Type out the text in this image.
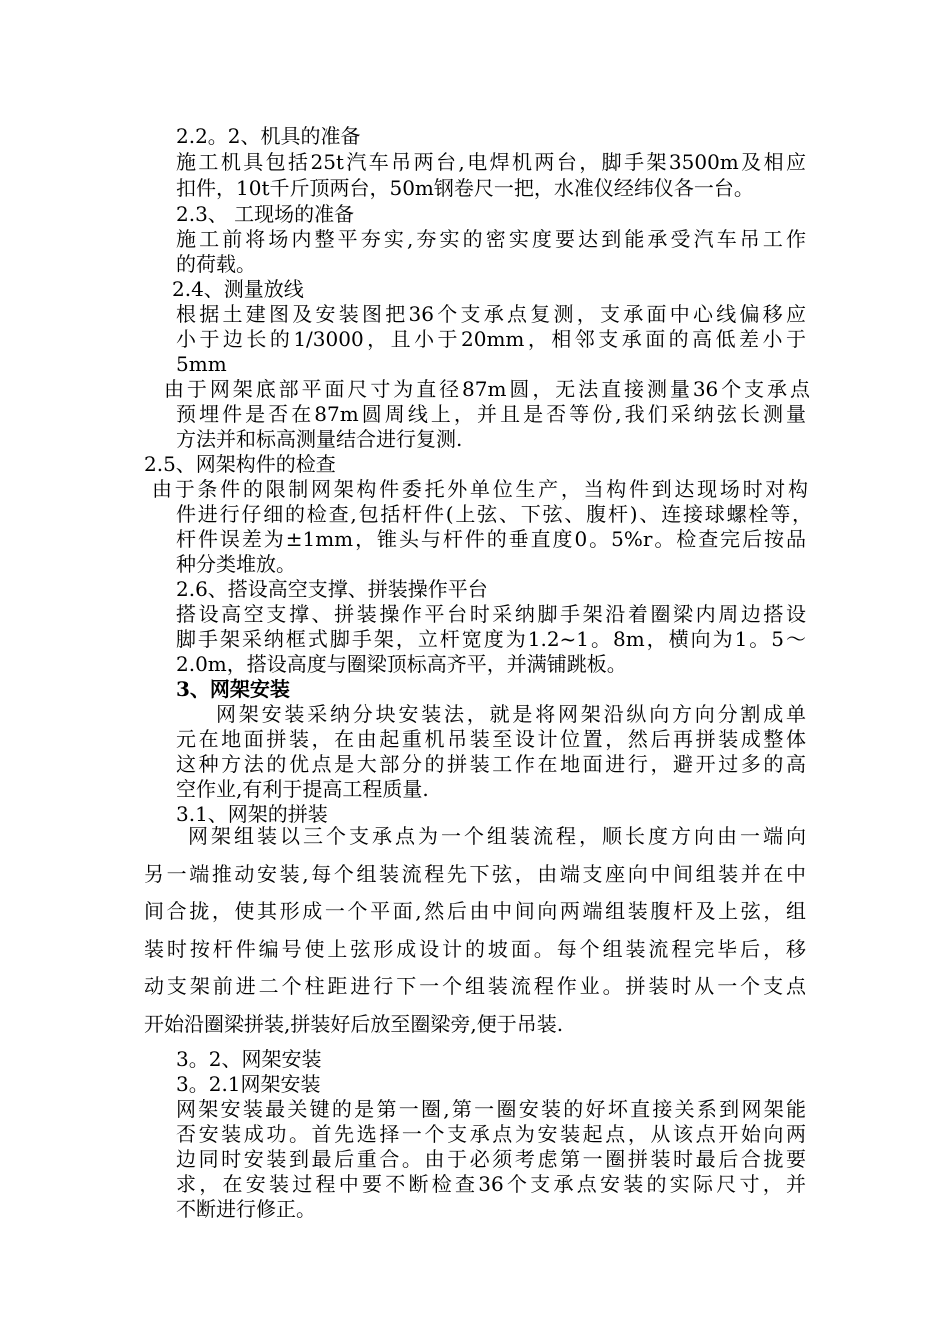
2.2。2、机具的准备

施工机具包括25t汽车吊两台,电焊机两台，脚手架3500m及相应

扣件，10t千斤顶两台，50m钢卷尺一把，水准仪经纬仪各一台。

2.3、 工现场的准备

施工前将场内整平夯实,夯实的密实度要达到能承受汽车吊工作

的荷载。

2.4、测量放线

根据土建图及安装图把36个支承点复测，支承面中心线偏移应

小于边长的1/3000，且小于20mm，相邻支承面的高低差小于

5mm

由于网架底部平面尺寸为直径87m圆，无法直接测量36个支承点

预埋件是否在87m圆周线上，并且是否等份,我们采纳弦长测量

方法并和标高测量结合进行复测.

2.5、网架构件的检查

由于条件的限制网架构件委托外单位生产，当构件到达现场时对构

件进行仔细的检查,包括杆件(上弦、下弦、腹杆)、连接球螺栓等，

杆件误差为±1mm，锥头与杆件的垂直度0。5%r。检查完后按品

种分类堆放。

2.6、搭设高空支撑、拼装操作平台

搭设高空支撑、拼装操作平台时采纳脚手架沿着圈梁内周边搭设

脚手架采纳框式脚手架，立杆宽度为1.2~1。8m，横向为1。5～

2.0m，搭设高度与圈梁顶标高齐平，并满铺跳板。

3、网架安装

网架安装采纳分块安装法，就是将网架沿纵向方向分割成单

元在地面拼装，在由起重机吊装至设计位置，然后再拼装成整体

这种方法的优点是大部分的拼装工作在地面进行，避开过多的高

空作业,有利于提高工程质量.

3.1、网架的拼装

网架组装以三个支承点为一个组装流程，顺长度方向由一端向

另一端推动安装,每个组装流程先下弦，由端支座向中间组装并在中

间合拢，使其形成一个平面,然后由中间向两端组装腹杆及上弦，组

装时按杆件编号使上弦形成设计的坡面。每个组装流程完毕后，移

动支架前进二个柱距进行下一个组装流程作业。拼装时从一个支点

开始沿圈梁拼装,拼装好后放至圈梁旁,便于吊装.

3。2、网架安装

3。2.1网架安装

网架安装最关键的是第一圈,第一圈安装的好坏直接关系到网架能

否安装成功。首先选择一个支承点为安装起点，从该点开始向两

边同时安装到最后重合。由于必须考虑第一圈拼装时最后合拢要

求，在安装过程中要不断检查36个支承点安装的实际尺寸，并

不断进行修正。
